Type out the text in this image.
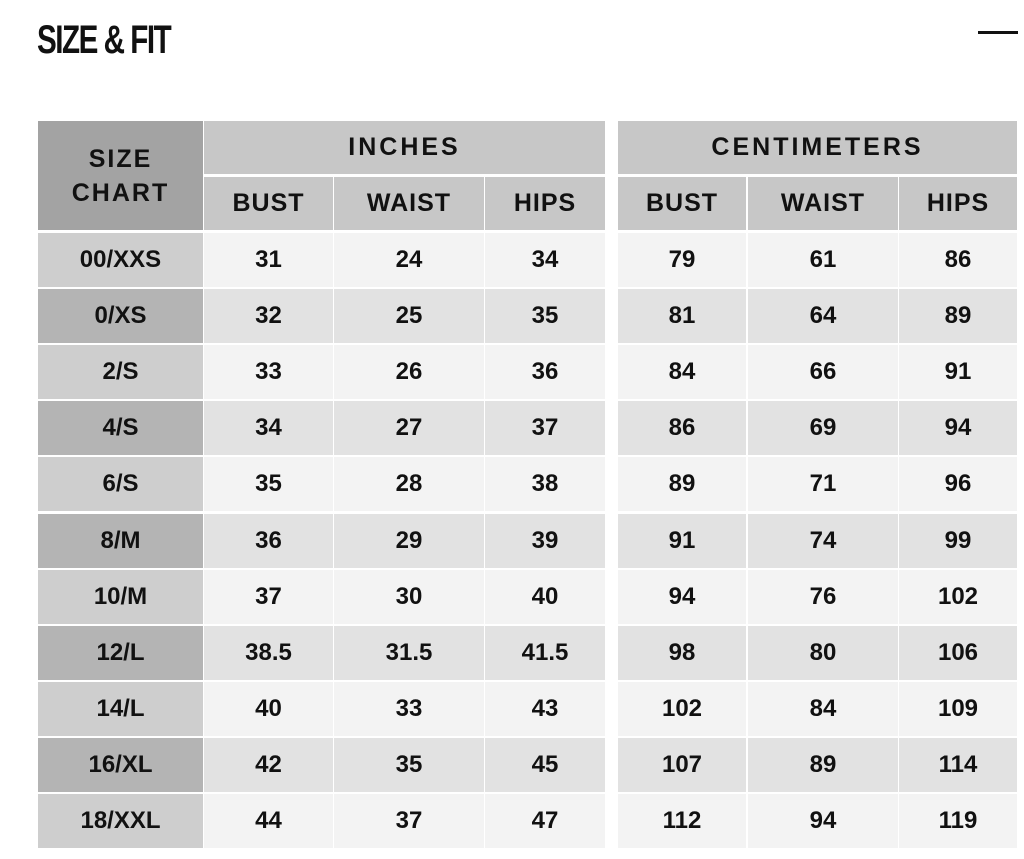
SIZE & FIT
SIZE
CHART
INCHES	CENTIMETERS
BUST	WAIST	HIPS	BUST	WAIST	HIPS
00/XXS	31	24	34	79	61	86
0/XS	32	25	35	81	64	89
2/S	33	26	36	84	66	91
4/S	34	27	37	86	69	94
6/S	35	28	38	89	71	96
8/M	36	29	39	91	74	99
10/M	37	30	40	94	76	102
12/L	38.5	31.5	41.5	98	80	106
14/L	40	33	43	102	84	109
16/XL	42	35	45	107	89	114
18/XXL	44	37	47	112	94	119
